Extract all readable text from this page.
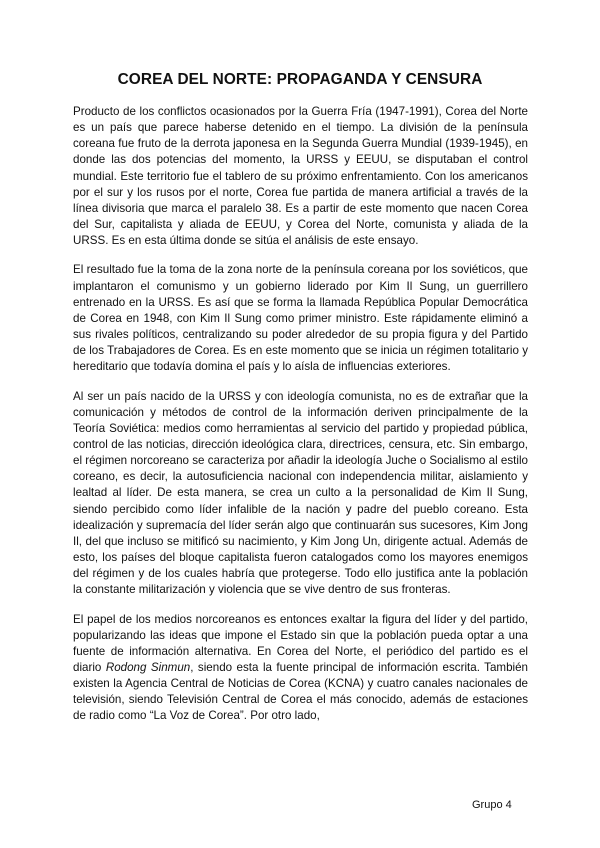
COREA DEL NORTE: PROPAGANDA Y CENSURA

Producto de los conflictos ocasionados por la Guerra Fría (1947-1991), Corea del Norte es un país que parece haberse detenido en el tiempo. La división de la península coreana fue fruto de la derrota japonesa en la Segunda Guerra Mundial (1939-1945), en donde las dos potencias del momento, la URSS y EEUU, se disputaban el control mundial. Este territorio fue el tablero de su próximo enfrentamiento. Con los americanos por el sur y los rusos por el norte, Corea fue partida de manera artificial a través de la línea divisoria que marca el paralelo 38. Es a partir de este momento que nacen Corea del Sur, capitalista y aliada de EEUU, y Corea del Norte, comunista y aliada de la URSS. Es en esta última donde se sitúa el análisis de este ensayo.

El resultado fue la toma de la zona norte de la península coreana por los soviéticos, que implantaron el comunismo y un gobierno liderado por Kim Il Sung, un guerrillero entrenado en la URSS. Es así que se forma la llamada República Popular Democrática de Corea en 1948, con Kim Il Sung como primer ministro. Este rápidamente eliminó a sus rivales políticos, centralizando su poder alrededor de su propia figura y del Partido de los Trabajadores de Corea. Es en este momento que se inicia un régimen totalitario y hereditario que todavía domina el país y lo aísla de influencias exteriores.

Al ser un país nacido de la URSS y con ideología comunista, no es de extrañar que la comunicación y métodos de control de la información deriven principalmente de la Teoría Soviética: medios como herramientas al servicio del partido y propiedad pública, control de las noticias, dirección ideológica clara, directrices, censura, etc. Sin embargo, el régimen norcoreano se caracteriza por añadir la ideología Juche o Socialismo al estilo coreano, es decir, la autosuficiencia nacional con independencia militar, aislamiento y lealtad al líder. De esta manera, se crea un culto a la personalidad de Kim Il Sung, siendo percibido como líder infalible de la nación y padre del pueblo coreano. Esta idealización y supremacía del líder serán algo que continuarán sus sucesores, Kim Jong Il, del que incluso se mitificó su nacimiento, y Kim Jong Un, dirigente actual. Además de esto, los países del bloque capitalista fueron catalogados como los mayores enemigos del régimen y de los cuales habría que protegerse. Todo ello justifica ante la población la constante militarización y violencia que se vive dentro de sus fronteras.

El papel de los medios norcoreanos es entonces exaltar la figura del líder y del partido, popularizando las ideas que impone el Estado sin que la población pueda optar a una fuente de información alternativa. En Corea del Norte, el periódico del partido es el diario Rodong Sinmun, siendo esta la fuente principal de información escrita. También existen la Agencia Central de Noticias de Corea (KCNA) y cuatro canales nacionales de televisión, siendo Televisión Central de Corea el más conocido, además de estaciones de radio como “La Voz de Corea”. Por otro lado,

Grupo 4
